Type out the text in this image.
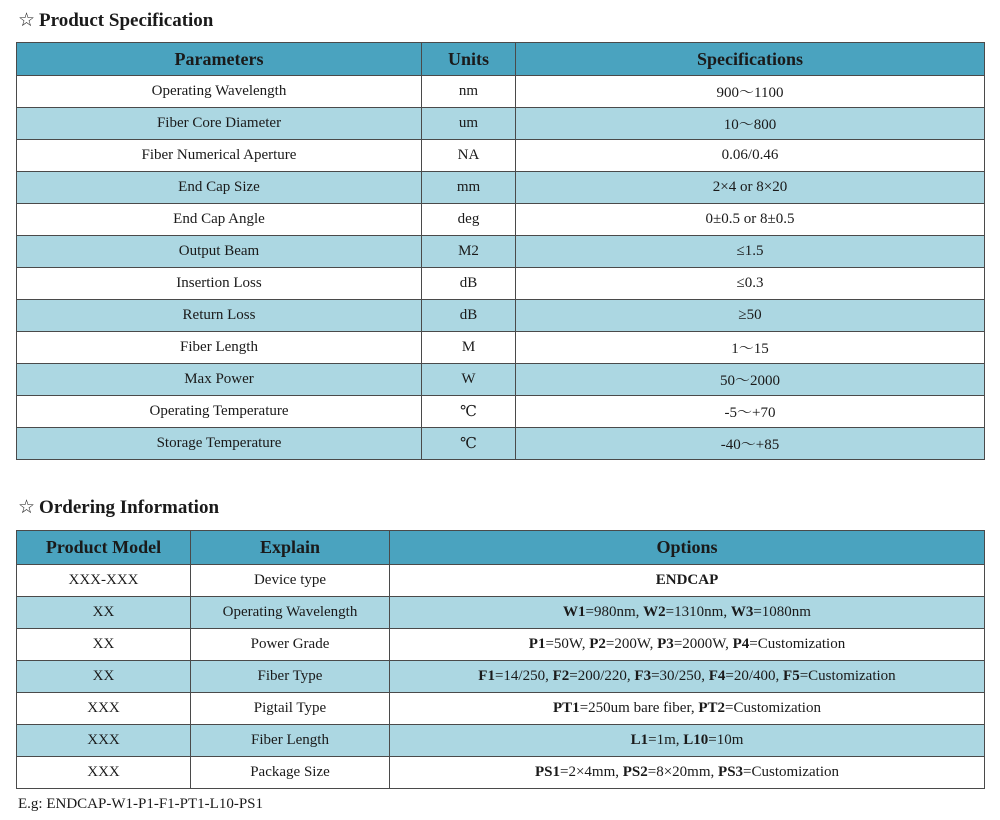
☆ Product Specification
Parameters	Units	Specifications
Operating Wavelength	nm	900～1100
Fiber Core Diameter	um	10～800
Fiber Numerical Aperture	NA	0.06/0.46
End Cap Size	mm	2×4 or 8×20
End Cap Angle	deg	0±0.5 or 8±0.5
Output Beam	M2	≤1.5
Insertion Loss	dB	≤0.3
Return Loss	dB	≥50
Fiber Length	M	1～15
Max Power	W	50～2000
Operating Temperature	℃	-5～+70
Storage Temperature	℃	-40～+85
☆ Ordering Information
Product Model	Explain	Options
XXX-XXX	Device type	ENDCAP
XX	Operating Wavelength	W1=980nm, W2=1310nm, W3=1080nm
XX	Power Grade	P1=50W, P2=200W, P3=2000W, P4=Customization
XX	Fiber Type	F1=14/250, F2=200/220, F3=30/250, F4=20/400, F5=Customization
XXX	Pigtail Type	PT1=250um bare fiber, PT2=Customization
XXX	Fiber Length	L1=1m, L10=10m
XXX	Package Size	PS1=2×4mm, PS2=8×20mm, PS3=Customization
E.g: ENDCAP-W1-P1-F1-PT1-L10-PS1
